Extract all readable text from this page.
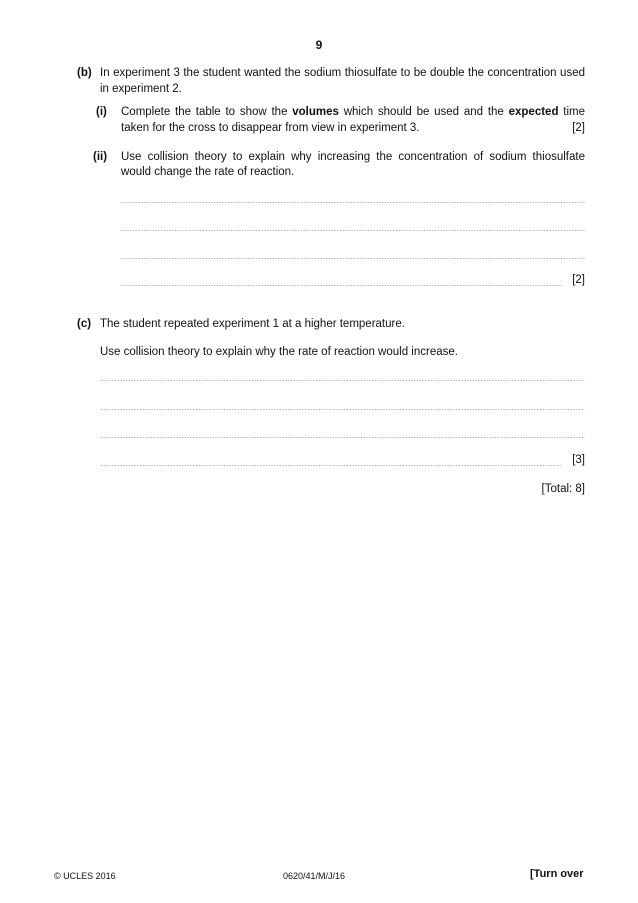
9
(b) In experiment 3 the student wanted the sodium thiosulfate to be double the concentration used
in experiment 2.
(i) Complete the table to show the volumes which should be used and the expected time
taken for the cross to disappear from view in experiment 3.	[2]
(ii) Use collision theory to explain why increasing the concentration of sodium thiosulfate
would change the rate of reaction.
[2]
(c) The student repeated experiment 1 at a higher temperature.
Use collision theory to explain why the rate of reaction would increase.
[3]
[Total: 8]
© UCLES 2016	0620/41/M/J/16	[Turn over
